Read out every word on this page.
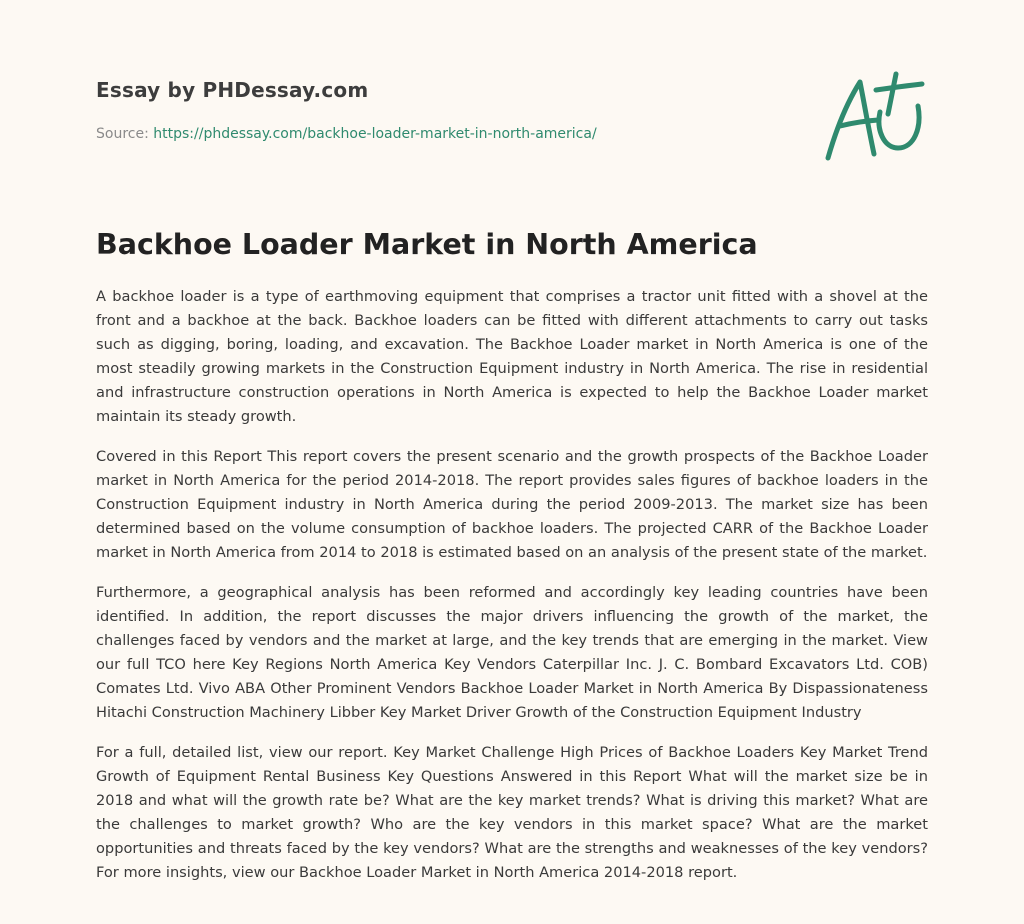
Essay by PHDessay.com
Source: https://phdessay.com/backhoe-loader-market-in-north-america/
Backhoe Loader Market in North America

A backhoe loader is a type of earthmoving equipment that comprises a tractor unit fitted with a shovel at the front and a backhoe at the back. Backhoe loaders can be fitted with different attachments to carry out tasks such as digging, boring, loading, and excavation. The Backhoe Loader market in North America is one of the most steadily growing markets in the Construction Equipment industry in North America. The rise in residential and infrastructure construction operations in North America is expected to help the Backhoe Loader market maintain its steady growth.

Covered in this Report This report covers the present scenario and the growth prospects of the Backhoe Loader market in North America for the period 2014-2018. The report provides sales figures of backhoe loaders in the Construction Equipment industry in North America during the period 2009-2013. The market size has been determined based on the volume consumption of backhoe loaders. The projected CARR of the Backhoe Loader market in North America from 2014 to 2018 is estimated based on an analysis of the present state of the market.

Furthermore, a geographical analysis has been reformed and accordingly key leading countries have been identified. In addition, the report discusses the major drivers influencing the growth of the market, the challenges faced by vendors and the market at large, and the key trends that are emerging in the market. View our full TCO here Key Regions North America Key Vendors Caterpillar Inc. J. C. Bombard Excavators Ltd. COB) Comates Ltd. Vivo ABA Other Prominent Vendors Backhoe Loader Market in North America By Dispassionateness Hitachi Construction Machinery Libber Key Market Driver Growth of the Construction Equipment Industry

For a full, detailed list, view our report. Key Market Challenge High Prices of Backhoe Loaders Key Market Trend Growth of Equipment Rental Business Key Questions Answered in this Report What will the market size be in 2018 and what will the growth rate be? What are the key market trends? What is driving this market? What are the challenges to market growth? Who are the key vendors in this market space? What are the market opportunities and threats faced by the key vendors? What are the strengths and weaknesses of the key vendors? For more insights, view our Backhoe Loader Market in North America 2014-2018 report.
